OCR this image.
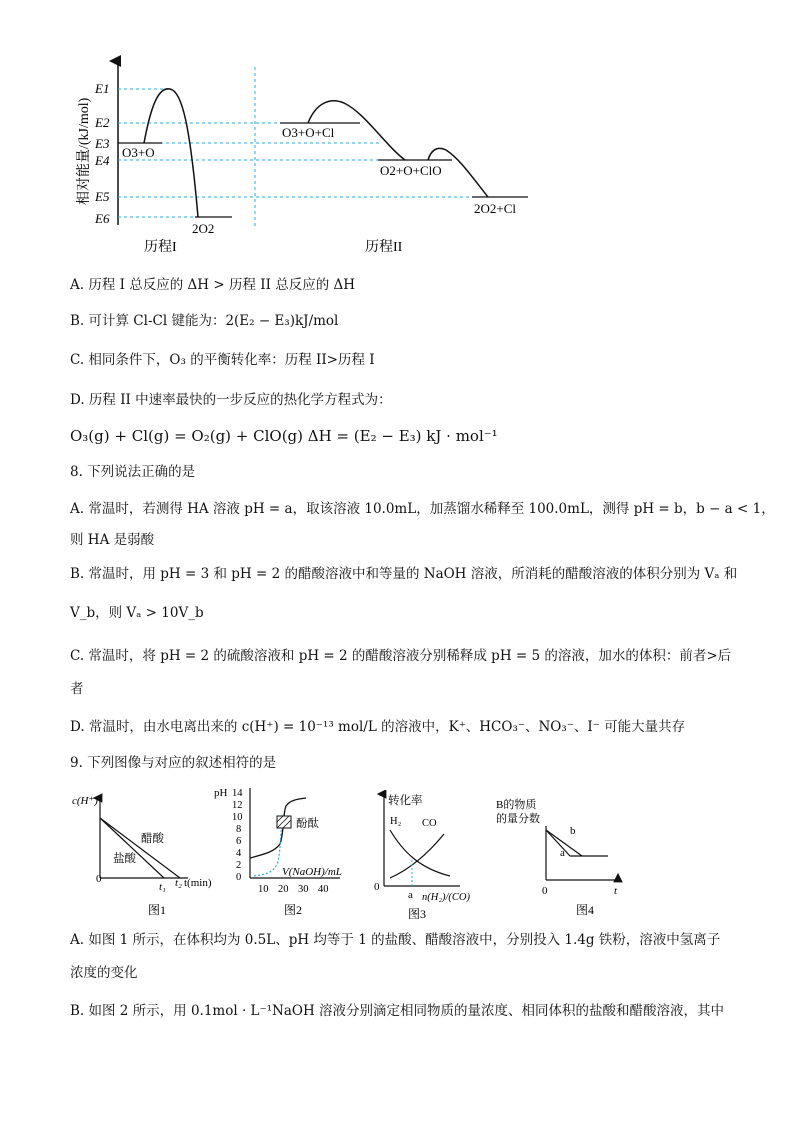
相对能量/(kJ/mol)
E1
E2
E3
E4
E5
E6
O3+O
2O2
O3+O+Cl
O2+O+ClO
2O2+Cl
历程I	历程II
A. 历程 I 总反应的 ΔH > 历程 II 总反应的 ΔH
B. 可计算 Cl-Cl 键能为：2(E₂ − E₃)kJ/mol
C. 相同条件下，O₃ 的平衡转化率：历程 II>历程 I
D. 历程 II 中速率最快的一步反应的热化学方程式为：
O₃(g) + Cl(g) = O₂(g) + ClO(g) ΔH = (E₂ − E₃) kJ · mol⁻¹
8. 下列说法正确的是
A. 常温时，若测得 HA 溶液 pH = a，取该溶液 10.0mL，加蒸馏水稀释至 100.0mL，测得 pH = b，b − a < 1，
则 HA 是弱酸
B. 常温时，用 pH = 3 和 pH = 2 的醋酸溶液中和等量的 NaOH 溶液，所消耗的醋酸溶液的体积分别为 Vₐ 和
V_b，则 Vₐ > 10V_b
C. 常温时，将 pH = 2 的硫酸溶液和 pH = 2 的醋酸溶液分别稀释成 pH = 5 的溶液，加水的体积：前者>后
者
D. 常温时，由水电离出来的 c(H⁺) = 10⁻¹³ mol/L 的溶液中，K⁺、HCO₃⁻、NO₃⁻、I⁻ 可能大量共存
9. 下列图像与对应的叙述相符的是
c(H⁺)
醋酸
盐酸
0
t₁ t₂ t(min)
图1
pH 14
12
10
8
6
4
2
0
10 20 30 40
酚酞
V(NaOH)/mL
图2
转化率
H₂ CO
0
a n(H₂)/(CO)
图3
B的物质
的量分数
b
a
0	t
图4
A. 如图 1 所示，在体积均为 0.5L、pH 均等于 1 的盐酸、醋酸溶液中，分别投入 1.4g 铁粉，溶液中氢离子
浓度的变化
B. 如图 2 所示，用 0.1mol · L⁻¹NaOH 溶液分别滴定相同物质的量浓度、相同体积的盐酸和醋酸溶液，其中
